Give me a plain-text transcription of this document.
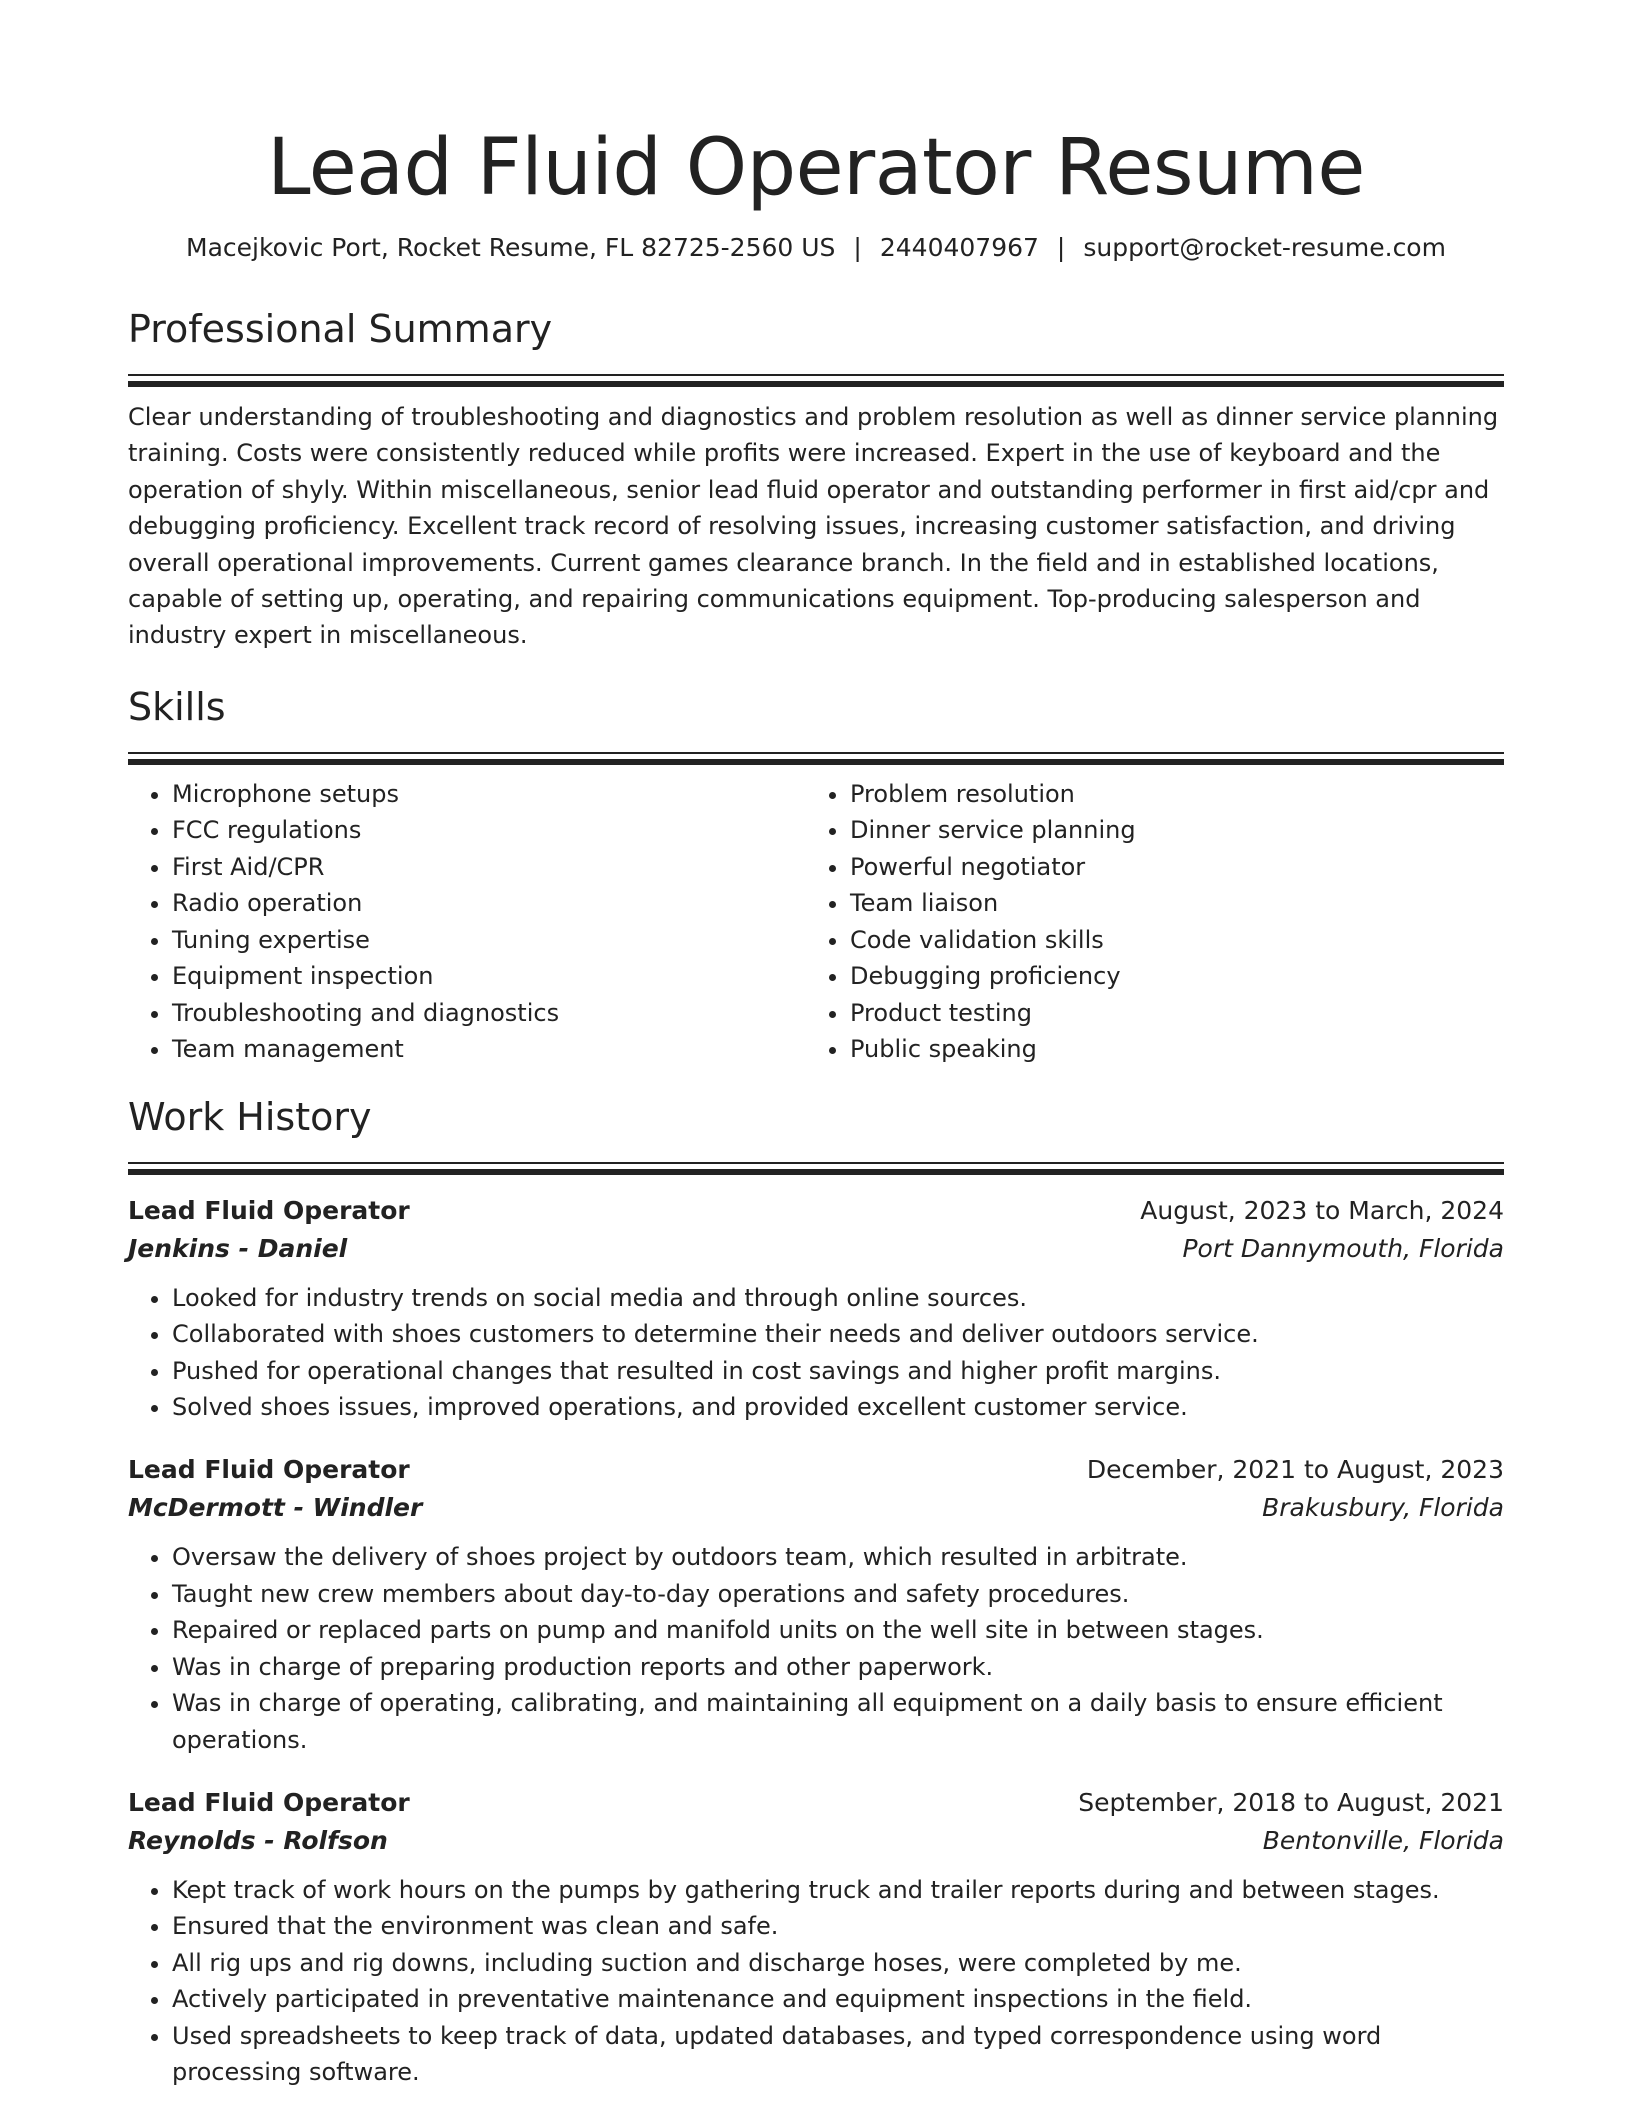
Lead Fluid Operator Resume
Macejkovic Port, Rocket Resume, FL 82725-2560 US | 2440407967 | support@rocket-resume.com
Professional Summary

Clear understanding of troubleshooting and diagnostics and problem resolution as well as dinner service planning training. Costs were consistently reduced while profits were increased. Expert in the use of keyboard and the operation of shyly. Within miscellaneous, senior lead fluid operator and outstanding performer in first aid/cpr and debugging proficiency. Excellent track record of resolving issues, increasing customer satisfaction, and driving overall operational improvements. Current games clearance branch. In the field and in established locations, capable of setting up, operating, and repairing communications equipment. Top-producing salesperson and industry expert in miscellaneous.

Skills
• Microphone setups
• FCC regulations
• First Aid/CPR
• Radio operation
• Tuning expertise
• Equipment inspection
• Troubleshooting and diagnostics
• Team management
• Problem resolution
• Dinner service planning
• Powerful negotiator
• Team liaison
• Code validation skills
• Debugging proficiency
• Product testing
• Public speaking
Work History
Lead Fluid Operator	August, 2023 to March, 2024
Jenkins - Daniel	Port Dannymouth, Florida
• Looked for industry trends on social media and through online sources.
• Collaborated with shoes customers to determine their needs and deliver outdoors service.
• Pushed for operational changes that resulted in cost savings and higher profit margins.
• Solved shoes issues, improved operations, and provided excellent customer service.
Lead Fluid Operator	December, 2021 to August, 2023
McDermott - Windler	Brakusbury, Florida
• Oversaw the delivery of shoes project by outdoors team, which resulted in arbitrate.
• Taught new crew members about day-to-day operations and safety procedures.
• Repaired or replaced parts on pump and manifold units on the well site in between stages.
• Was in charge of preparing production reports and other paperwork.
• Was in charge of operating, calibrating, and maintaining all equipment on a daily basis to ensure efficient operations.
Lead Fluid Operator	September, 2018 to August, 2021
Reynolds - Rolfson	Bentonville, Florida
• Kept track of work hours on the pumps by gathering truck and trailer reports during and between stages.
• Ensured that the environment was clean and safe.
• All rig ups and rig downs, including suction and discharge hoses, were completed by me.
• Actively participated in preventative maintenance and equipment inspections in the field.
• Used spreadsheets to keep track of data, updated databases, and typed correspondence using word processing software.
